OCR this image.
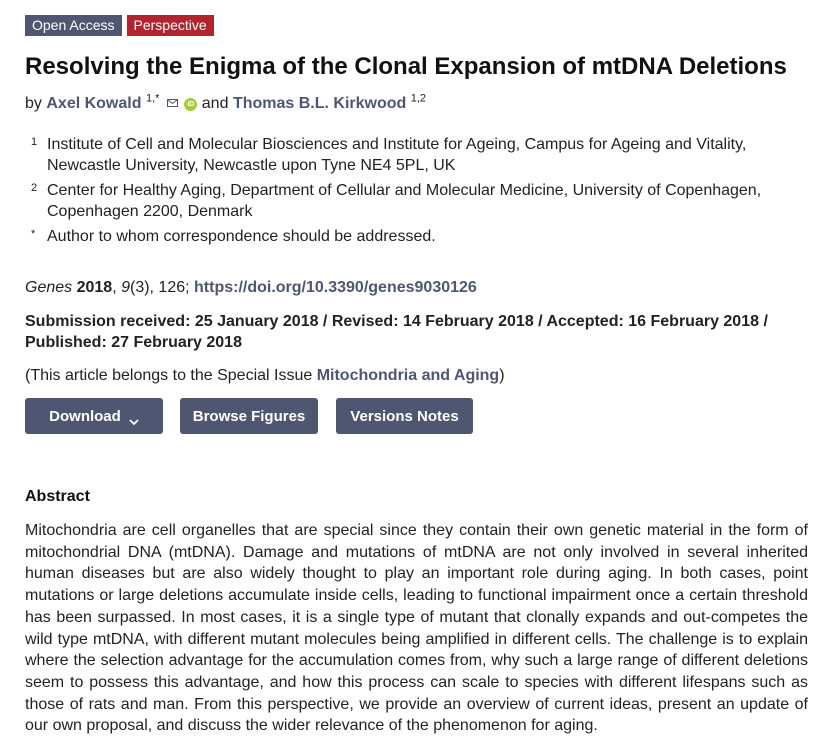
Open Access	Perspective
Resolving the Enigma of the Clonal Expansion of mtDNA Deletions
by Axel Kowald $^{1,*}$	iD and Thomas B.L. Kirkwood $^{1,2}$
1 Institute of Cell and Molecular Biosciences and Institute for Ageing, Campus for Ageing and Vitality, Newcastle University, Newcastle upon Tyne NE4 5PL, UK
2 Center for Healthy Aging, Department of Cellular and Molecular Medicine, University of Copenhagen, Copenhagen 2200, Denmark
* Author to whom correspondence should be addressed.
Genes 2018, 9(3), 126; https://doi.org/10.3390/genes9030126
Submission received: 25 January 2018 / Revised: 14 February 2018 / Accepted: 16 February 2018 / Published: 27 February 2018
(This article belongs to the Special Issue Mitochondria and Aging)
Download	Browse Figures	Versions Notes
Abstract

Mitochondria are cell organelles that are special since they contain their own genetic material in the form of mitochondrial DNA (mtDNA). Damage and mutations of mtDNA are not only involved in several inherited human diseases but are also widely thought to play an important role during aging. In both cases, point mutations or large deletions accumulate inside cells, leading to functional impairment once a certain threshold has been surpassed. In most cases, it is a single type of mutant that clonally expands and out-competes the wild type mtDNA, with different mutant molecules being amplified in different cells. The challenge is to explain where the selection advantage for the accumulation comes from, why such a large range of different deletions seem to possess this advantage, and how this process can scale to species with different lifespans such as those of rats and man. From this perspective, we provide an overview of current ideas, present an update of our own proposal, and discuss the wider relevance of the phenomenon for aging.
